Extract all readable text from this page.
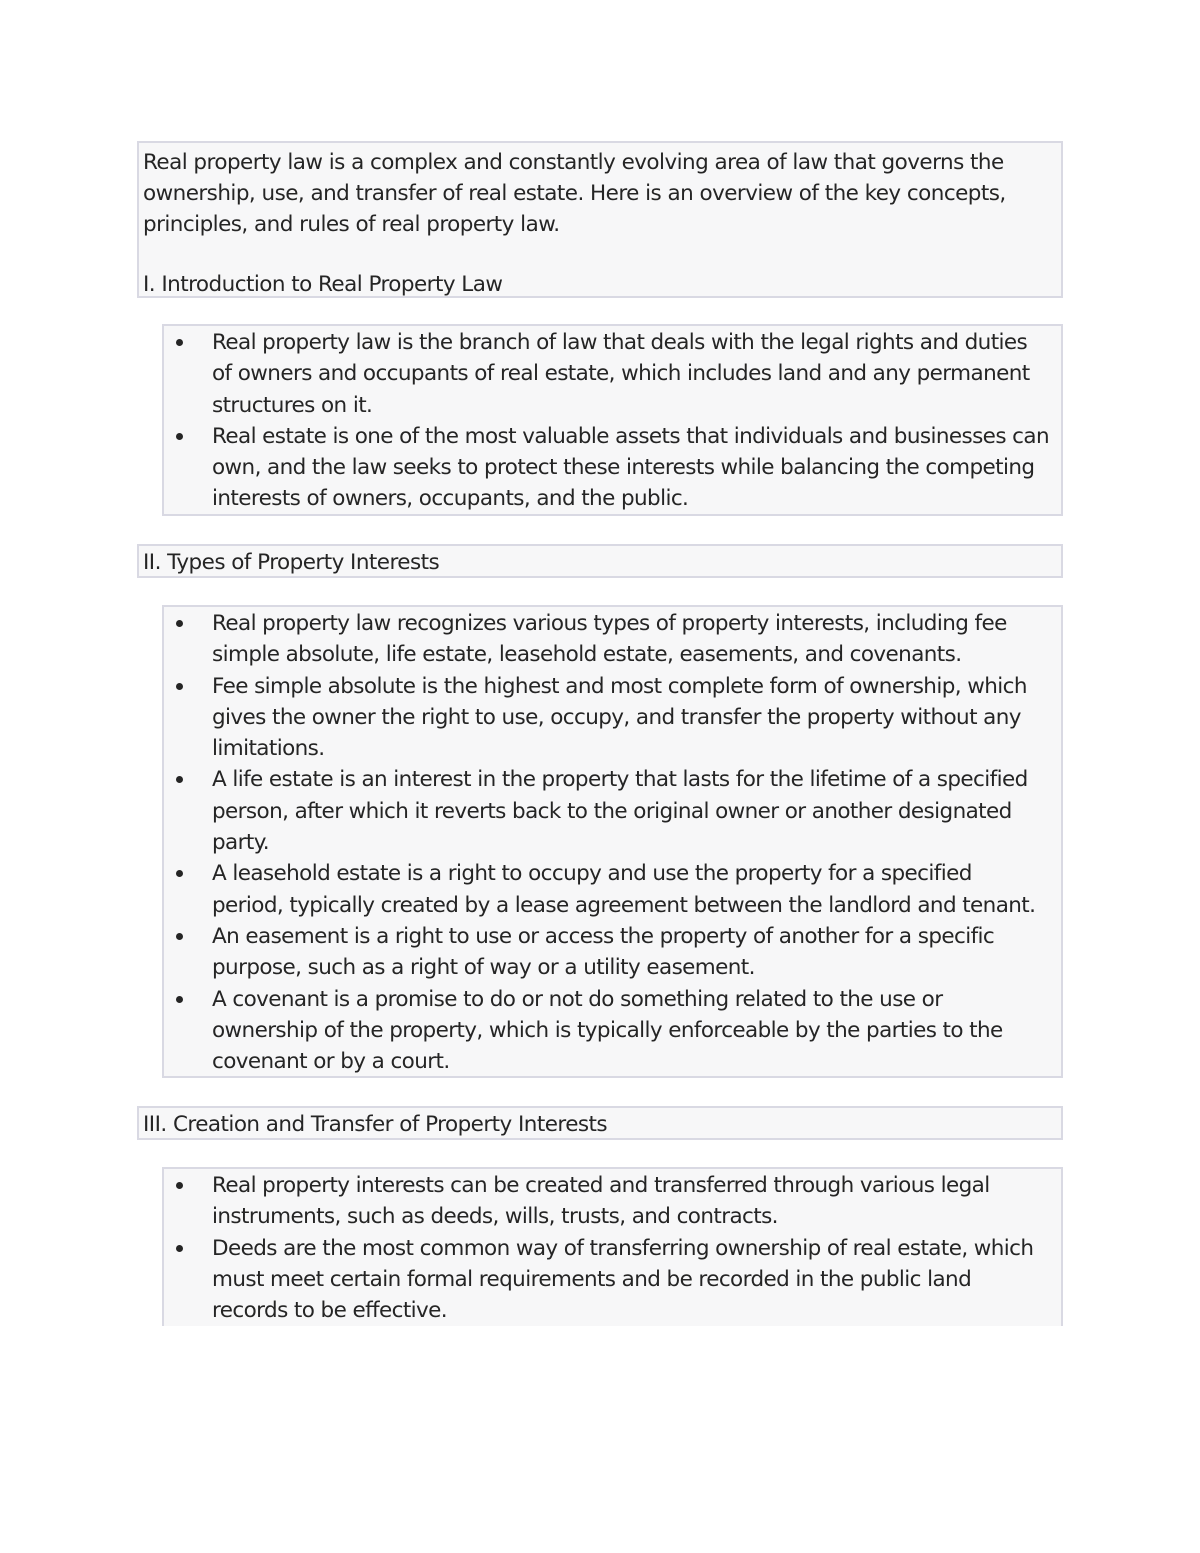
Real property law is a complex and constantly evolving area of law that governs the
ownership, use, and transfer of real estate. Here is an overview of the key concepts,
principles, and rules of real property law.

I. Introduction to Real Property Law

Real property law is the branch of law that deals with the legal rights and duties
of owners and occupants of real estate, which includes land and any permanent
structures on it.
Real estate is one of the most valuable assets that individuals and businesses can
own, and the law seeks to protect these interests while balancing the competing
interests of owners, occupants, and the public.
II. Types of Property Interests
Real property law recognizes various types of property interests, including fee
simple absolute, life estate, leasehold estate, easements, and covenants.
Fee simple absolute is the highest and most complete form of ownership, which
gives the owner the right to use, occupy, and transfer the property without any
limitations.
A life estate is an interest in the property that lasts for the lifetime of a specified
person, after which it reverts back to the original owner or another designated
party.
A leasehold estate is a right to occupy and use the property for a specified
period, typically created by a lease agreement between the landlord and tenant.
An easement is a right to use or access the property of another for a specific
purpose, such as a right of way or a utility easement.
A covenant is a promise to do or not do something related to the use or
ownership of the property, which is typically enforceable by the parties to the
covenant or by a court.
III. Creation and Transfer of Property Interests
Real property interests can be created and transferred through various legal
instruments, such as deeds, wills, trusts, and contracts.
Deeds are the most common way of transferring ownership of real estate, which
must meet certain formal requirements and be recorded in the public land
records to be effective.
